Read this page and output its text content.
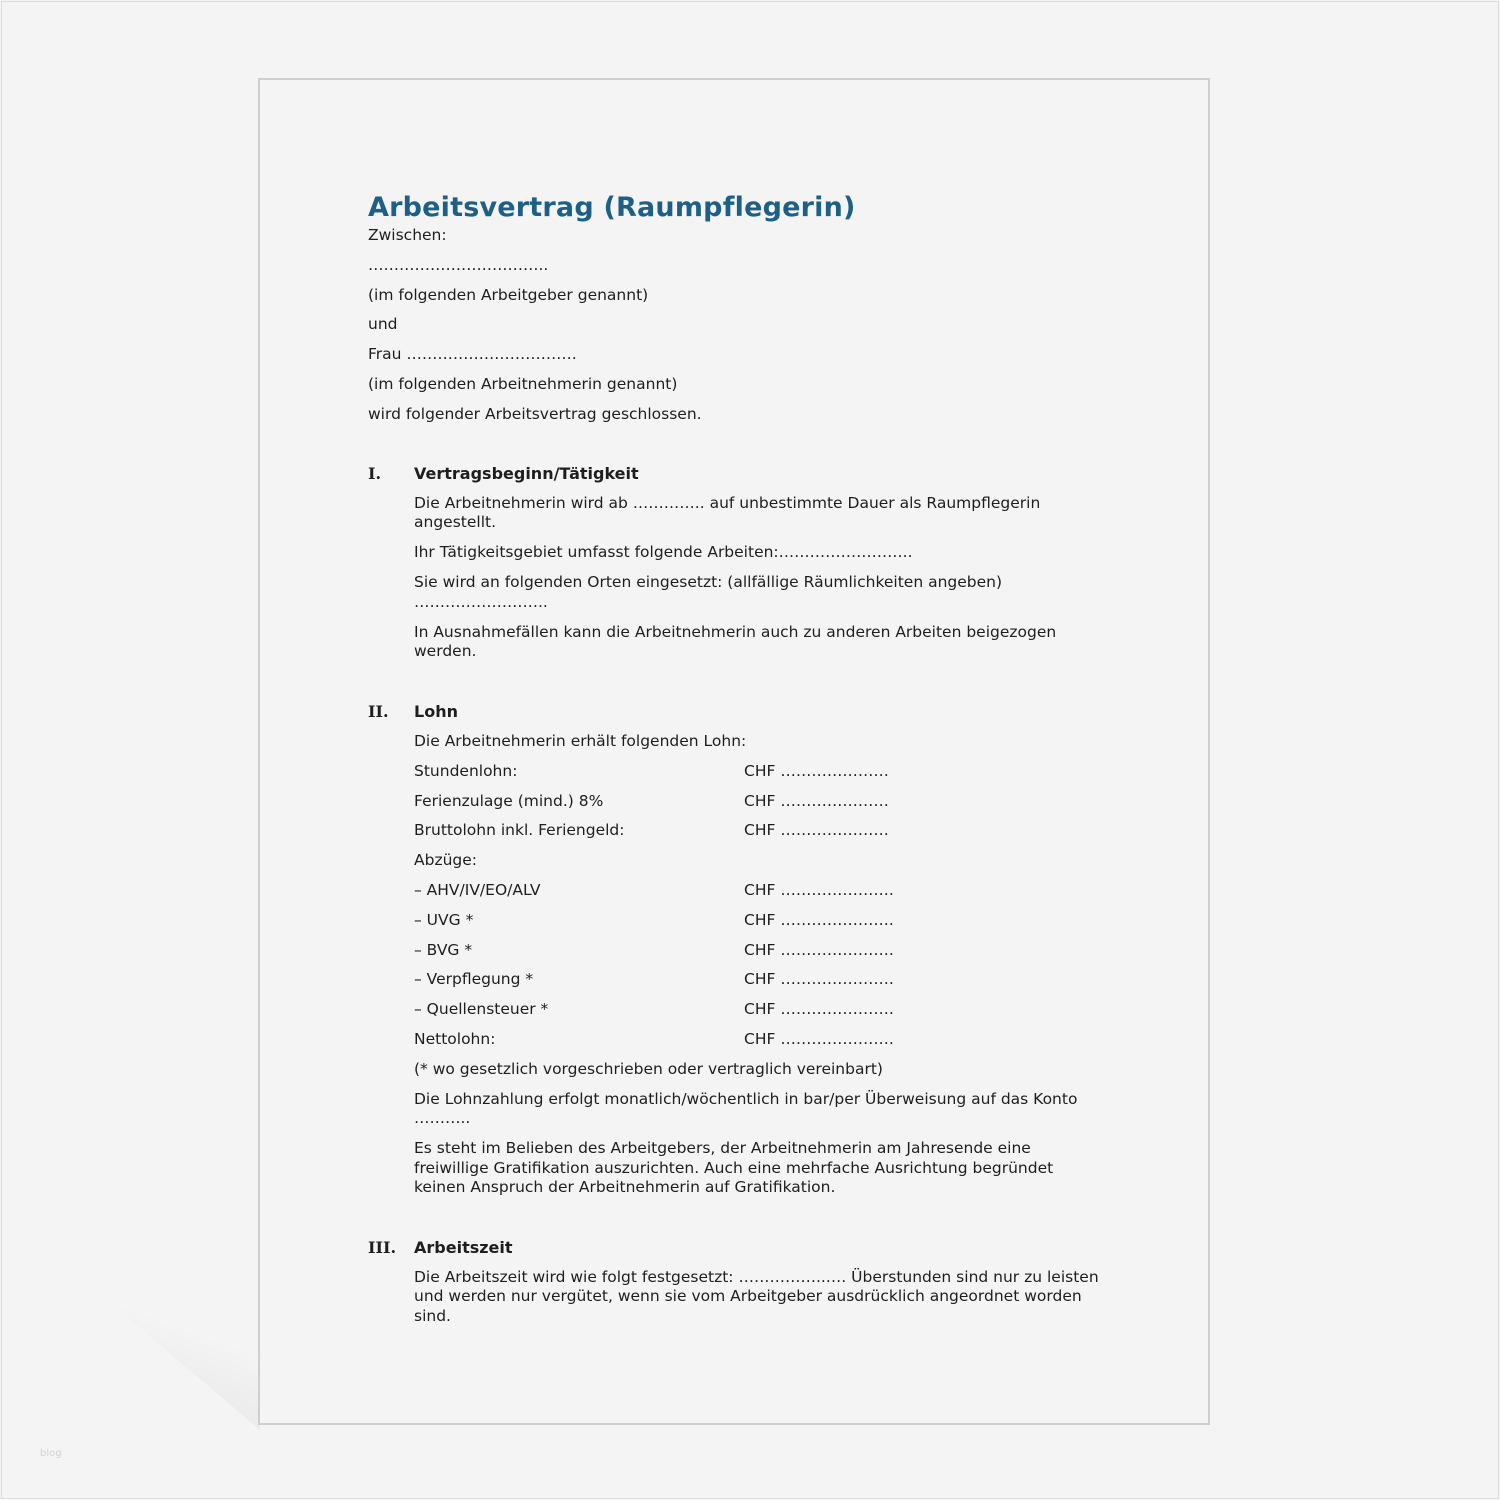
blog
Arbeitsvertrag (Raumpflegerin)

Zwischen:

……………………………..

(im folgenden Arbeitgeber genannt)

und

Frau ……………………………

(im folgenden Arbeitnehmerin genannt)

wird folgender Arbeitsvertrag geschlossen.

I.	Vertragsbeginn/Tätigkeit

Die Arbeitnehmerin wird ab ………….. auf unbestimmte Dauer als Raumpflegerin angestellt.

Ihr Tätigkeitsgebiet umfasst folgende Arbeiten:……………………..

Sie wird an folgenden Orten eingesetzt: (allfällige Räumlichkeiten angeben) ……………………..

In Ausnahmefällen kann die Arbeitnehmerin auch zu anderen Arbeiten beigezogen werden.

II.	Lohn

Die Arbeitnehmerin erhält folgenden Lohn:

Stundenlohn:	CHF …………………
Ferienzulage (mind.) 8%	CHF …………………
Bruttolohn inkl. Feriengeld:	CHF …………………
Abzüge:
– AHV/IV/EO/ALV	CHF ………………….
– UVG *	CHF ………………….
– BVG *	CHF ………………….
– Verpflegung *	CHF ………………….
– Quellensteuer *	CHF ………………….
Nettolohn:	CHF ………………….

(* wo gesetzlich vorgeschrieben oder vertraglich vereinbart)

Die Lohnzahlung erfolgt monatlich/wöchentlich in bar/per Überweisung auf das Konto ………..

Es steht im Belieben des Arbeitgebers, der Arbeitnehmerin am Jahresende eine freiwillige Gratifikation auszurichten. Auch eine mehrfache Ausrichtung begründet keinen Anspruch der Arbeitnehmerin auf Gratifikation.

III.	Arbeitszeit

Die Arbeitszeit wird wie folgt festgesetzt: ……………..…. Überstunden sind nur zu leisten und werden nur vergütet, wenn sie vom Arbeitgeber ausdrücklich angeordnet worden sind.
